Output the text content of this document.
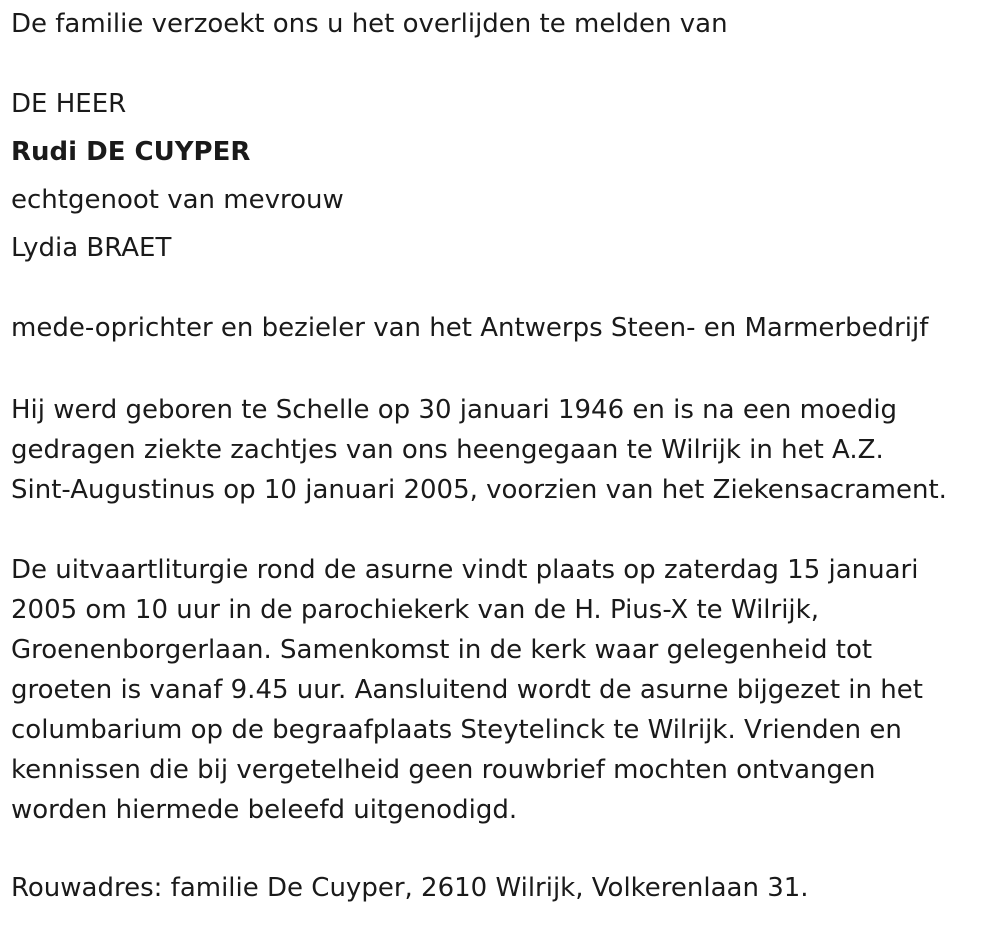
De familie verzoekt ons u het overlijden te melden van

DE HEER

Rudi DE CUYPER

echtgenoot van mevrouw

Lydia BRAET

mede-oprichter en bezieler van het Antwerps Steen- en Marmerbedrijf

Hij werd geboren te Schelle op 30 januari 1946 en is na een moedig
gedragen ziekte zachtjes van ons heengegaan te Wilrijk in het A.Z.
Sint-Augustinus op 10 januari 2005, voorzien van het Ziekensacrament.
De uitvaartliturgie rond de asurne vindt plaats op zaterdag 15 januari
2005 om 10 uur in de parochiekerk van de H. Pius-X te Wilrijk,
Groenenborgerlaan. Samenkomst in de kerk waar gelegenheid tot
groeten is vanaf 9.45 uur. Aansluitend wordt de asurne bijgezet in het
columbarium op de begraafplaats Steytelinck te Wilrijk. Vrienden en
kennissen die bij vergetelheid geen rouwbrief mochten ontvangen
worden hiermede beleefd uitgenodigd.

Rouwadres: familie De Cuyper, 2610 Wilrijk, Volkerenlaan 31.
